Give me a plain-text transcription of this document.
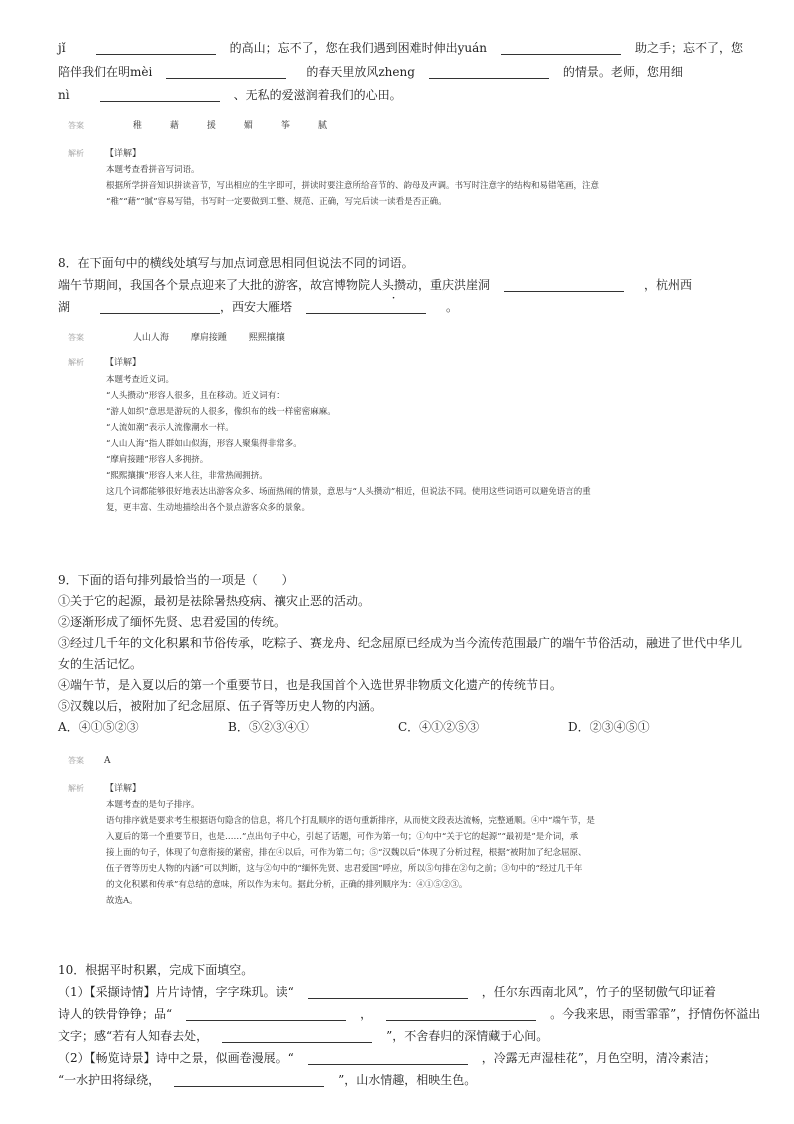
jǐ	的高山；忘不了，您在我们遇到困难时伸出yuán	助之手；忘不了，您
陪伴我们在明mèi	的春天里放风zheng	的情景。老师，您用细
nì	、无私的爱滋润着我们的心田。
答案	稚	藉	援	媚	筝	腻
解析 【详解】
本题考查看拼音写词语。
根据所学拼音知识拼读音节，写出相应的生字即可，拼读时要注意所给音节的、韵母及声调。书写时注意字的结构和易错笔画，注意
“稚”“藉”“腻”容易写错，书写时一定要做到工整、规范、正确，写完后读一读看是否正确。
8．在下面句中的横线处填写与加点词意思相同但说法不同的词语。
端午节期间，我国各个景点迎来了大批的游客，故宫博物院人头攒动，重庆洪崖洞	，杭州西
湖	，西安大雁塔	。
答案	人山人海 摩肩接踵 熙熙攘攘
解析 【详解】
本题考查近义词。
“人头攒动”形容人很多，且在移动。近义词有：
“游人如织”意思是游玩的人很多，像织布的线一样密密麻麻。
“人流如潮”表示人流像潮水一样。
“人山人海”指人群如山似海，形容人聚集得非常多。
“摩肩接踵”形容人多拥挤。
“熙熙攘攘”形容人来人往，非常热闹拥挤。
这几个词都能够很好地表达出游客众多、场面热闹的情景，意思与“人头攒动”相近，但说法不同。使用这些词语可以避免语言的重
复，更丰富、生动地描绘出各个景点游客众多的景象。
9．下面的语句排列最恰当的一项是（　　）
①关于它的起源，最初是祛除暑热疫病、禳灾止恶的活动。
②逐渐形成了缅怀先贤、忠君爱国的传统。
③经过几千年的文化积累和节俗传承，吃粽子、赛龙舟、纪念屈原已经成为当今流传范围最广的端午节俗活动，融进了世代中华儿
女的生活记忆。
④端午节，是入夏以后的第一个重要节日，也是我国首个入选世界非物质文化遗产的传统节日。
⑤汉魏以后，被附加了纪念屈原、伍子胥等历史人物的内涵。
A．④①⑤②③	B．⑤②③④①	C．④①②⑤③	D．②③④⑤①
答案 A
解析 【详解】
本题考查的是句子排序。
语句排序就是要求考生根据语句隐含的信息，将几个打乱顺序的语句重新排序，从而使文段表达流畅，完整通顺。④中“端午节，是
入夏后的第一个重要节日，也是……”点出句子中心，引起了话题，可作为第一句；①句中“关于它的起源”“最初是”是介词，承
接上面的句子，体现了句意衔接的紧密，排在④以后，可作为第二句；⑤“汉魏以后”体现了分析过程，根据“被附加了纪念屈原、
伍子胥等历史人物的内涵”可以判断，这与②句中的“缅怀先贤、忠君爱国”呼应，所以⑤句排在②句之前；③句中的“经过几千年
的文化积累和传承”有总结的意味，所以作为末句。据此分析，正确的排列顺序为：④①⑤②③。
故选A。
10．根据平时积累，完成下面填空。
（1）【采撷诗情】片片诗情，字字珠玑。读“	，任尔东西南北风”，竹子的坚韧傲气印证着
诗人的铁骨铮铮；品“	，	。今我来思，雨雪霏霏”，抒情伤怀溢出
文字；感“若有人知春去处，	”，不舍春归的深情藏于心间。
（2）【畅览诗景】诗中之景，似画卷漫展。“	，冷露无声湿桂花”，月色空明，清冷素洁；
“一水护田将绿绕，	”，山水情趣，相映生色。
